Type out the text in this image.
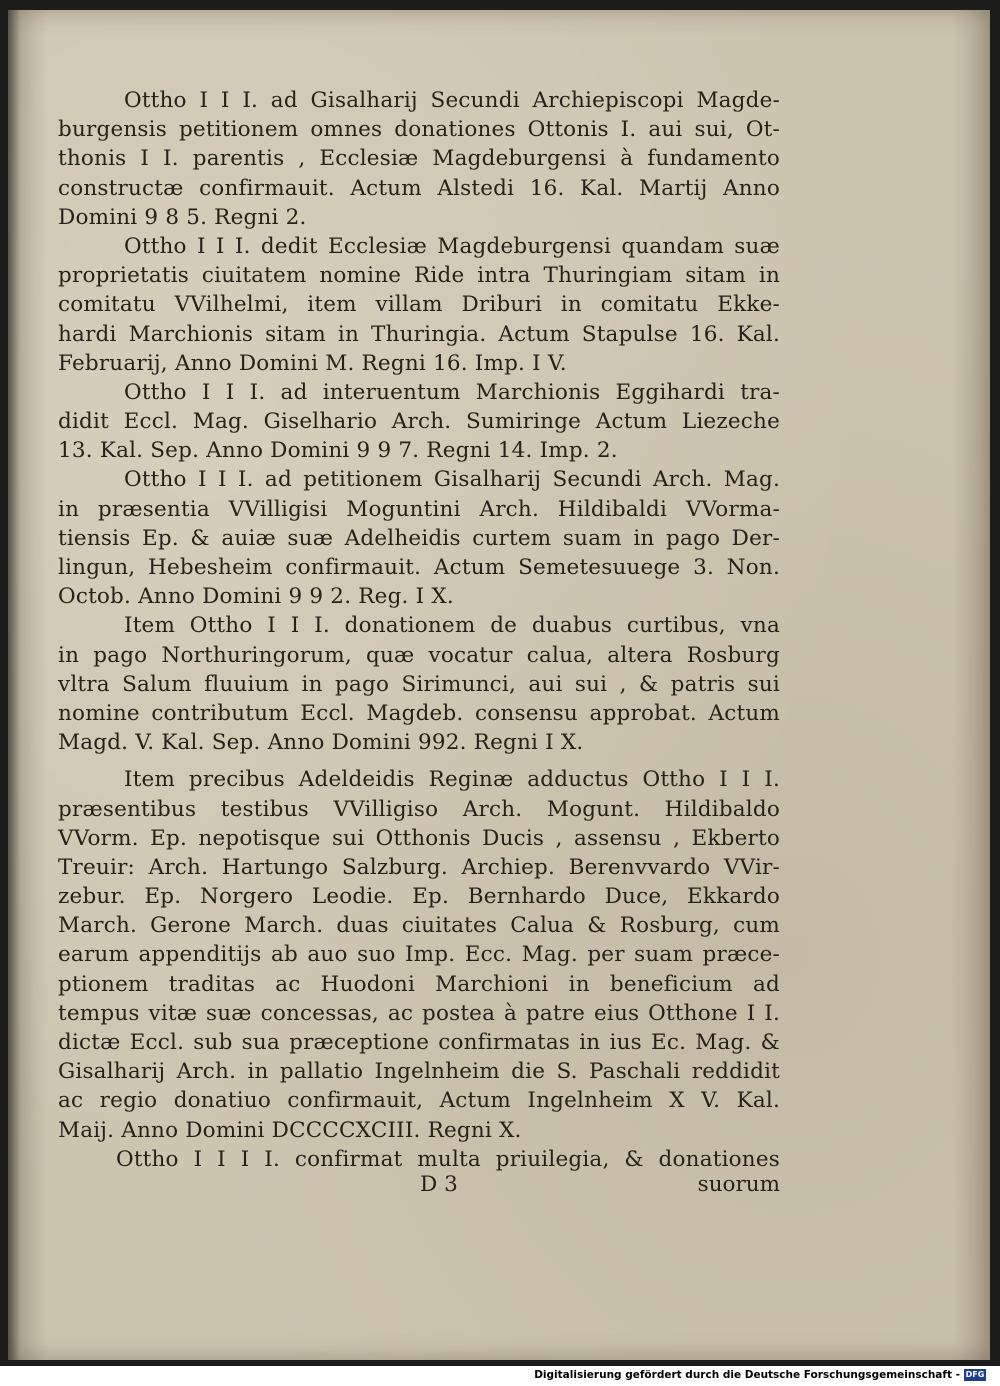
Ottho I I I. ad Gisalharij Secundi Archiepiscopi Magde-
burgensis petitionem omnes donationes Ottonis I. aui sui, Ot-
thonis I I. parentis , Ecclesiæ Magdeburgensi à fundamento
constructæ confirmauit. Actum Alstedi 16. Kal. Martij Anno
Domini 9 8 5. Regni 2.
Ottho I I I. dedit Ecclesiæ Magdeburgensi quandam suæ
proprietatis ciuitatem nomine Ride intra Thuringiam sitam in
comitatu VVilhelmi, item villam Driburi in comitatu Ekke-
hardi Marchionis sitam in Thuringia. Actum Stapulse 16. Kal.
Februarij, Anno Domini M. Regni 16. Imp. I V.
Ottho I I I. ad interuentum Marchionis Eggihardi tra-
didit Eccl. Mag. Giselhario Arch. Sumiringe Actum Liezeche
13. Kal. Sep. Anno Domini 9 9 7. Regni 14. Imp. 2.
Ottho I I I. ad petitionem Gisalharij Secundi Arch. Mag.
in præsentia VVilligisi Moguntini Arch. Hildibaldi VVorma-
tiensis Ep. & auiæ suæ Adelheidis curtem suam in pago Der-
lingun, Hebesheim confirmauit. Actum Semetesuuege 3. Non.
Octob. Anno Domini 9 9 2. Reg. I X.
Item Ottho I I I. donationem de duabus curtibus, vna
in pago Northuringorum, quæ vocatur calua, altera Rosburg
vltra Salum fluuium in pago Sirimunci, aui sui , & patris sui
nomine contributum Eccl. Magdeb. consensu approbat. Actum
Magd. V. Kal. Sep. Anno Domini 992. Regni I X.
Item precibus Adeldeidis Reginæ adductus Ottho I I I.
præsentibus testibus VVilligiso Arch. Mogunt. Hildibaldo
VVorm. Ep. nepotisque sui Otthonis Ducis , assensu , Ekberto
Treuir: Arch. Hartungo Salzburg. Archiep. Berenvvardo VVir-
zebur. Ep. Norgero Leodie. Ep. Bernhardo Duce, Ekkardo
March. Gerone March. duas ciuitates Calua & Rosburg, cum
earum appenditijs ab auo suo Imp. Ecc. Mag. per suam præce-
ptionem traditas ac Huodoni Marchioni in beneficium ad
tempus vitæ suæ concessas, ac postea à patre eius Otthone I I.
dictæ Eccl. sub sua præceptione confirmatas in ius Ec. Mag. &
Gisalharij Arch. in pallatio Ingelnheim die S. Paschali reddidit
ac regio donatiuo confirmauit, Actum Ingelnheim X V. Kal.
Maij. Anno Domini DCCCCXCIII. Regni X.
Ottho I I I I. confirmat multa priuilegia, & donationes
D 3	suorum
Digitalisierung gefördert durch die Deutsche Forschungsgemeinschaft - DFG
